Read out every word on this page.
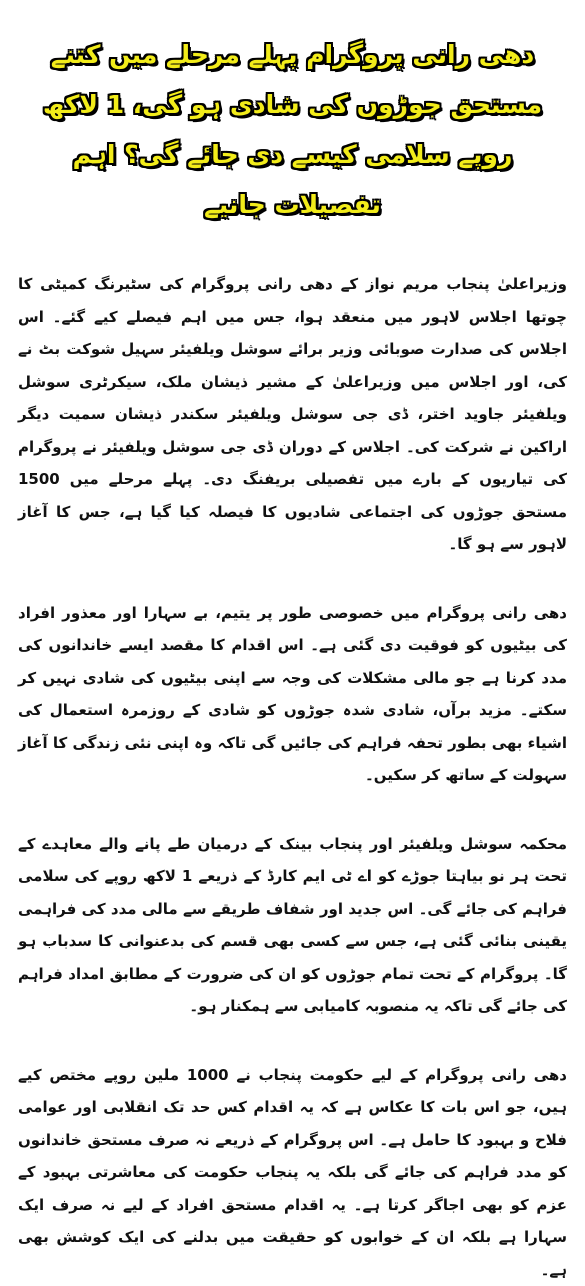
دھی رانی پروگرام پہلے مرحلے میں کتنے مستحق جوڑوں کی شادی ہو گی، 1 لاکھ روپے سلامی کیسے دی جائے گی؟ اہم تفصیلات جانیے

وزیراعلیٰ پنجاب مریم نواز کے دھی رانی پروگرام کی سٹیرنگ کمیٹی کا چوتھا اجلاس لاہور میں منعقد ہوا، جس میں اہم فیصلے کیے گئے۔ اس اجلاس کی صدارت صوبائی وزیر برائے سوشل ویلفیئر سہیل شوکت بٹ نے کی، اور اجلاس میں وزیراعلیٰ کے مشیر ذیشان ملک، سیکرٹری سوشل ویلفیئر جاوید اختر، ڈی جی سوشل ویلفیئر سکندر ذیشان سمیت دیگر اراکین نے شرکت کی۔ اجلاس کے دوران ڈی جی سوشل ویلفیئر نے پروگرام کی تیاریوں کے بارے میں تفصیلی بریفنگ دی۔ پہلے مرحلے میں 1500 مستحق جوڑوں کی اجتماعی شادیوں کا فیصلہ کیا گیا ہے، جس کا آغاز لاہور سے ہو گا۔

دھی رانی پروگرام میں خصوصی طور پر یتیم، بے سہارا اور معذور افراد کی بیٹیوں کو فوقیت دی گئی ہے۔ اس اقدام کا مقصد ایسے خاندانوں کی مدد کرنا ہے جو مالی مشکلات کی وجہ سے اپنی بیٹیوں کی شادی نہیں کر سکتے۔ مزید برآں، شادی شدہ جوڑوں کو شادی کے روزمرہ استعمال کی اشیاء بھی بطور تحفہ فراہم کی جائیں گی تاکہ وہ اپنی نئی زندگی کا آغاز سہولت کے ساتھ کر سکیں۔

محکمہ سوشل ویلفیئر اور پنجاب بینک کے درمیان طے پانے والے معاہدے کے تحت ہر نو بیاہتا جوڑے کو اے ٹی ایم کارڈ کے ذریعے 1 لاکھ روپے کی سلامی فراہم کی جائے گی۔ اس جدید اور شفاف طریقے سے مالی مدد کی فراہمی یقینی بنائی گئی ہے، جس سے کسی بھی قسم کی بدعنوانی کا سدباب ہو گا۔ پروگرام کے تحت تمام جوڑوں کو ان کی ضرورت کے مطابق امداد فراہم کی جائے گی تاکہ یہ منصوبہ کامیابی سے ہمکنار ہو۔

دھی رانی پروگرام کے لیے حکومت پنجاب نے 1000 ملین روپے مختص کیے ہیں، جو اس بات کا عکاس ہے کہ یہ اقدام کس حد تک انقلابی اور عوامی فلاح و بہبود کا حامل ہے۔ اس پروگرام کے ذریعے نہ صرف مستحق خاندانوں کو مدد فراہم کی جائے گی بلکہ یہ پنجاب حکومت کی معاشرتی بہبود کے عزم کو بھی اجاگر کرتا ہے۔ یہ اقدام مستحق افراد کے لیے نہ صرف ایک سہارا ہے بلکہ ان کے خوابوں کو حقیقت میں بدلنے کی ایک کوشش بھی ہے۔
